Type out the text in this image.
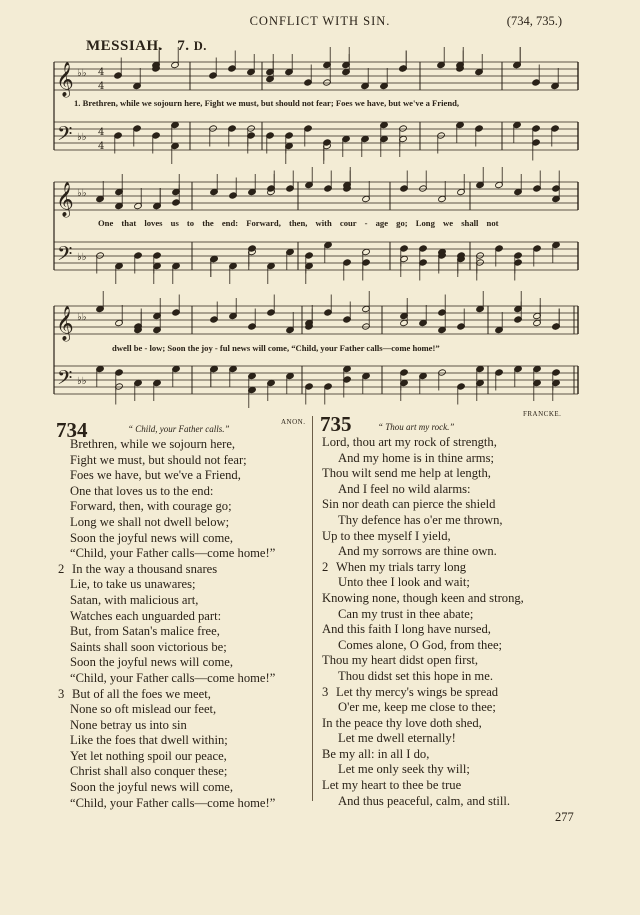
CONFLICT WITH SIN.	(734, 735.)
MESSIAH. 7. D.
𝄞
𝄢
♭♭
♭♭
4
4
4
4
𝄞
𝄢
♭♭
♭♭
𝄞
𝄢
♭♭
♭♭
1. Brethren, while we sojourn here, Fight we must, but should not fear; Foes we have, but we've a Friend,
One that loves us to the end: Forward, then, with cour - age go; Long we shall not
dwell be - low; Soon the joy - ful news will come, “Child, your Father calls—come home!”
734	“ Child, your Father calls.”
ANON.
Brethren, while we sojourn here,
Fight we must, but should not fear;
Foes we have, but we've a Friend,
One that loves us to the end:
Forward, then, with courage go;
Long we shall not dwell below;
Soon the joyful news will come,
“Child, your Father calls—come home!”
2 In the way a thousand snares
Lie, to take us unawares;
Satan, with malicious art,
Watches each unguarded part:
But, from Satan's malice free,
Saints shall soon victorious be;
Soon the joyful news will come,
“Child, your Father calls—come home!”
3 But of all the foes we meet,
None so oft mislead our feet,
None betray us into sin
Like the foes that dwell within;
Yet let nothing spoil our peace,
Christ shall also conquer these;
Soon the joyful news will come,
“Child, your Father calls—come home!”
735	“ Thou art my rock.”
FRANCKE.
Lord, thou art my rock of strength,
And my home is in thine arms;
Thou wilt send me help at length,
And I feel no wild alarms:
Sin nor death can pierce the shield
Thy defence has o'er me thrown,
Up to thee myself I yield,
And my sorrows are thine own.
2 When my trials tarry long
Unto thee I look and wait;
Knowing none, though keen and strong,
Can my trust in thee abate;
And this faith I long have nursed,
Comes alone, O God, from thee;
Thou my heart didst open first,
Thou didst set this hope in me.
3 Let thy mercy's wings be spread
O'er me, keep me close to thee;
In the peace thy love doth shed,
Let me dwell eternally!
Be my all: in all I do,
Let me only seek thy will;
Let my heart to thee be true
And thus peaceful, calm, and still.
277
